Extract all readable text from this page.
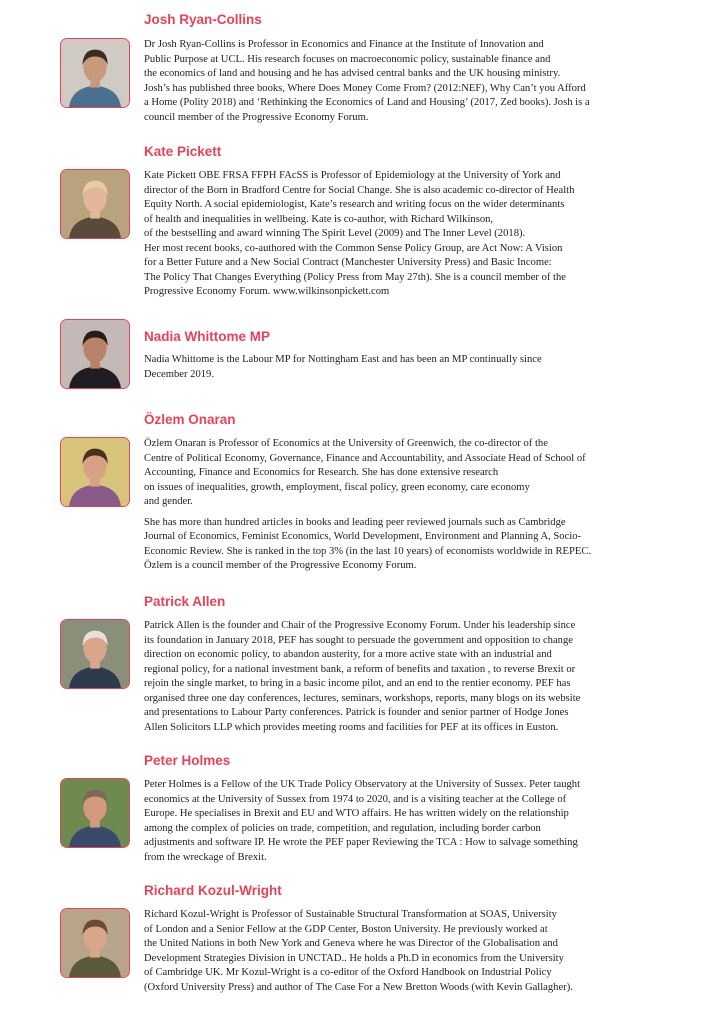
Josh Ryan-Collins

Dr Josh Ryan-Collins is Professor in Economics and Finance at the Institute of Innovation and

Public Purpose at UCL. His research focuses on macroeconomic policy, sustainable finance and

the economics of land and housing and he has advised central banks and the UK housing ministry.

Josh’s has published three books, Where Does Money Come From? (2012:NEF), Why Can’t you Afford

a Home (Polity 2018) and ‘Rethinking the Economics of Land and Housing’ (2017, Zed books). Josh is a

council member of the Progressive Economy Forum.

Kate Pickett

Kate Pickett OBE FRSA FFPH FAcSS is Professor of Epidemiology at the University of York and

director of the Born in Bradford Centre for Social Change. She is also academic co-director of Health

Equity North. A social epidemiologist, Kate’s research and writing focus on the wider determinants

of health and inequalities in wellbeing. Kate is co-author, with Richard Wilkinson,

of the bestselling and award winning The Spirit Level (2009) and The Inner Level (2018).

Her most recent books, co-authored with the Common Sense Policy Group, are Act Now: A Vision

for a Better Future and a New Social Contract (Manchester University Press) and Basic Income:

The Policy That Changes Everything (Policy Press from May 27th). She is a council member of the

Progressive Economy Forum. www.wilkinsonpickett.com

Nadia Whittome MP

Nadia Whittome is the Labour MP for Nottingham East and has been an MP continually since

December 2019.

Özlem Onaran

Özlem Onaran is Professor of Economics at the University of Greenwich, the co-director of the

Centre of Political Economy, Governance, Finance and Accountability, and Associate Head of School of

Accounting, Finance and Economics for Research. She has done extensive research

on issues of inequalities, growth, employment, fiscal policy, green economy, care economy

and gender.

She has more than hundred articles in books and leading peer reviewed journals such as Cambridge

Journal of Economics, Feminist Economics, World Development, Environment and Planning A, Socio-

Economic Review. She is ranked in the top 3% (in the last 10 years) of economists worldwide in REPEC.

Özlem is a council member of the Progressive Economy Forum.

Patrick Allen

Patrick Allen is the founder and Chair of the Progressive Economy Forum. Under his leadership since

its foundation in January 2018, PEF has sought to persuade the government and opposition to change

direction on economic policy, to abandon austerity, for a more active state with an industrial and

regional policy, for a national investment bank, a reform of benefits and taxation , to reverse Brexit or

rejoin the single market, to bring in a basic income pilot, and an end to the rentier economy. PEF has

organised three one day conferences, lectures, seminars, workshops, reports, many blogs on its website

and presentations to Labour Party conferences. Patrick is founder and senior partner of Hodge Jones

Allen Solicitors LLP which provides meeting rooms and facilities for PEF at its offices in Euston.

Peter Holmes

Peter Holmes is a Fellow of the UK Trade Policy Observatory at the University of Sussex. Peter taught

economics at the University of Sussex from 1974 to 2020, and is a visiting teacher at the College of

Europe. He specialises in Brexit and EU and WTO affairs. He has written widely on the relationship

among the complex of policies on trade, competition, and regulation, including border carbon

adjustments and software IP. He wrote the PEF paper Reviewing the TCA : How to salvage something

from the wreckage of Brexit.

Richard Kozul-Wright

Richard Kozul-Wright is Professor of Sustainable Structural Transformation at SOAS, University

of London and a Senior Fellow at the GDP Center, Boston University. He previously worked at

the United Nations in both New York and Geneva where he was Director of the Globalisation and

Development Strategies Division in UNCTAD.. He holds a Ph.D in economics from the University

of Cambridge UK. Mr Kozul-Wright is a co-editor of the Oxford Handbook on Industrial Policy

(Oxford University Press) and author of The Case For a New Bretton Woods (with Kevin Gallagher).
